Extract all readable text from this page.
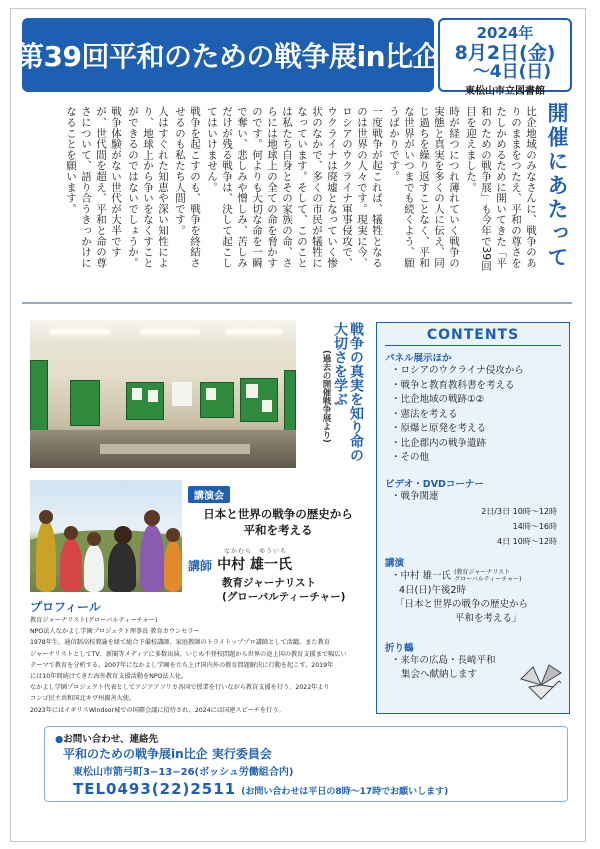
第39回平和のための戦争展in比企
2024年
8月2日(金)
〜4日(日)
東松山市立図書館
開催にあたって

比企地域のみなさんに、戦争のありのままをつたえ、平和の尊さをたしかめるために開いてきた「平和のための戦争展」も今年で39回目を迎えました。

時が経つにつれ薄れていく戦争の実態と真実を多くの人に伝え、同じ過ちを繰り返すことなく、平和な世界がいつまでも続くよう、願うばかりです。

一度戦争が起これば、犠牲となるのは世界の人々です。現実に今、ロシアのウクライナ軍事侵攻で、ウクライナは廃墟となっていく惨状のなかで、多くの市民が犠牲になっています。そして、このことは私たち自身とその家族の命、さらには地球上の全ての命を脅かすのです。何よりも大切な命を一瞬で奪い、悲しみや憎しみ、苦しみだけが残る戦争は、決して起こしてはいけません。

戦争を起こすのも、戦争を終結させるのも私たち人間です。

人はすぐれた知恵や深い知性により、地球上から争いをなくすことができるのではないでしょうか。

戦争体験がない世代が大半ですが、世代間を超え、平和と命の尊さについて、語り合うきっかけになることを願います。

戦争の真実を知り命の大切さを学ぶ
(過去の開催戦争展より)
講演会
日本と世界の戦争の歴史から
平和を考える
なかむら　ゆういち
講師 中村 雄一氏
教育ジャーナリスト
(グローバルティーチャー)
プロフィール
教育ジャーナリスト(グローバルティーチャー)
NPO法人なかよし学園プロジェクト理事長 教育カウンセラー
1978年生。通信制高校教諭を経て総合予備校講師、家庭教師のトライトッププロ講師として活躍。また教育
ジャーナリストとしてTV、新聞等メディアに多数出演。いじめ不登校問題から世界の途上国の教育支援まで幅広い
テーマで教育を分析する。2007年になかよし学園を立ち上げ国内外の教育問題解決に行動を起こす。2019年
には10年間続けてきた海外教育支援活動をNPO法人化。
なかよし学園プロジェクト代表としてアジアアフリカ各国で授業を行いながら教育支援を行う。2022年より
コンゴ民主共和国北キヴ州親善大使。
2023年にはイギリスWindsor城での国際会議に招待され、2024には国連スピーチを行う。
CONTENTS
パネル展示ほか
・ロシアのウクライナ侵攻から
・戦争と教育教科書を考える
・比企地域の戦跡①②
・憲法を考える
・原爆と原発を考える
・比企郡内の戦争遺跡
・その他
ビデオ・DVDコーナー
・戦争関連
2日/3日 10時〜12時
14時〜16時
4日 10時〜12時
講演
・中村 雄一氏 (教育ジャーナリスト
グローバルティーチャー)
4日(日)午後2時
「日本と世界の戦争の歴史から
平和を考える」
折り鶴
・来年の広島・長崎平和
集会へ献納します
●お問い合わせ、連絡先
平和のための戦争展in比企 実行委員会
東松山市箭弓町3−13−26(ボッシュ労働組合内)
TEL0493(22)2511 (お問い合わせは平日の8時〜17時でお願いします)
